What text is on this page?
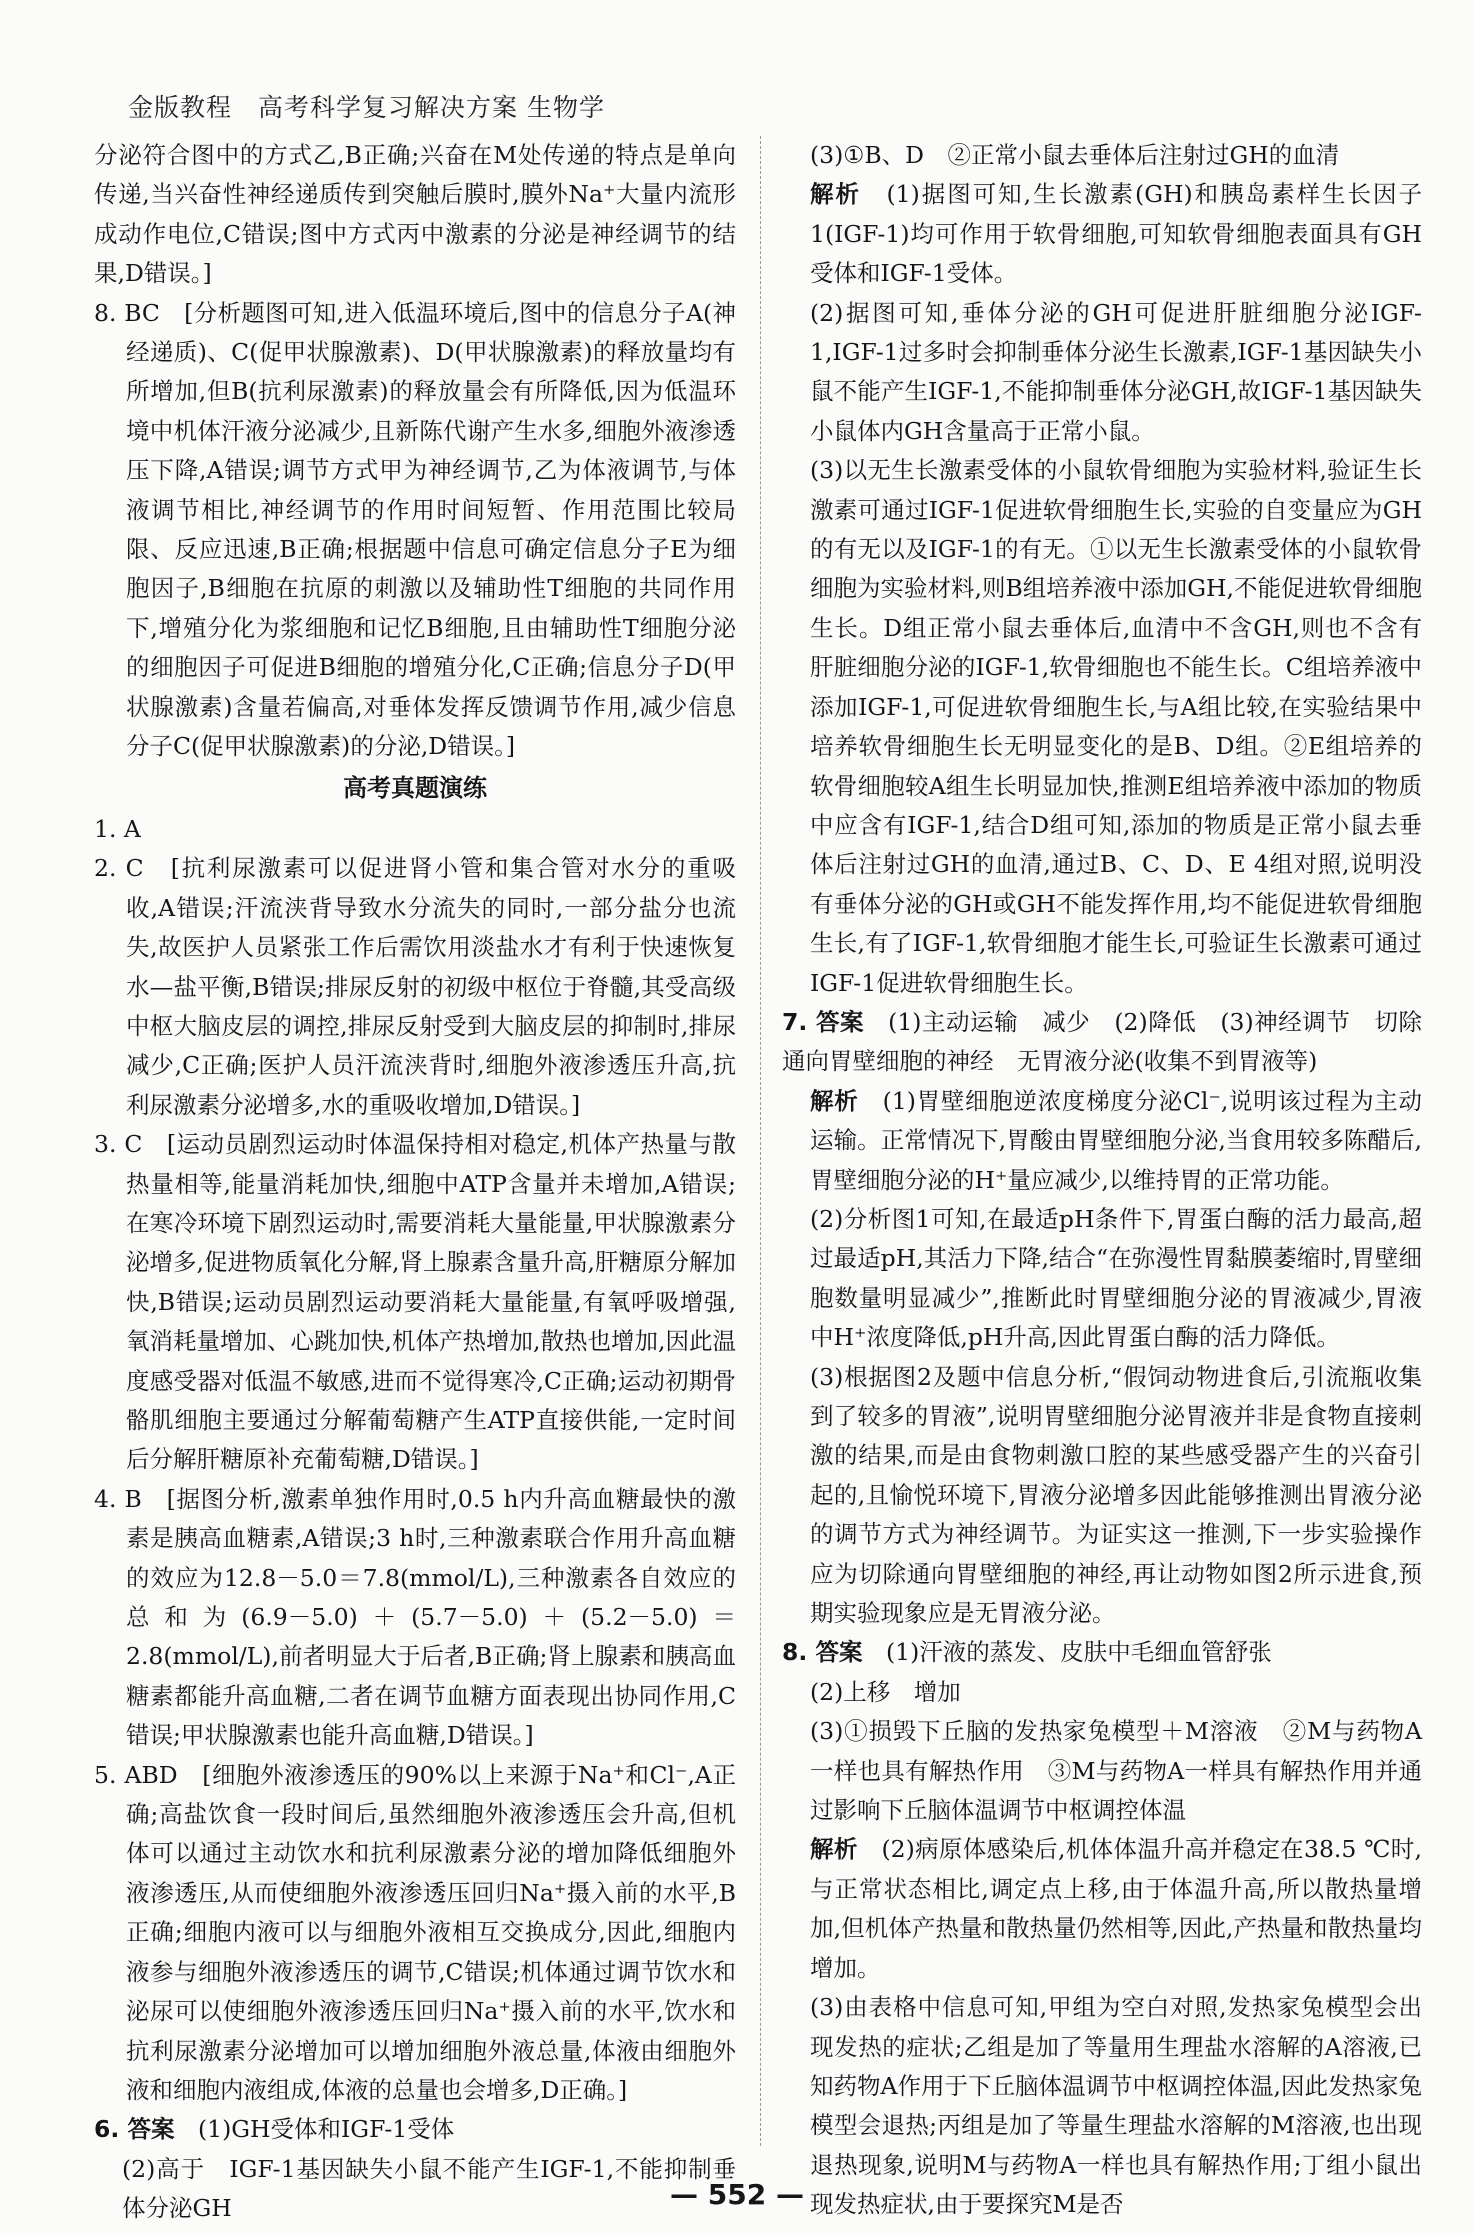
金版教程　高考科学复习解决方案 生物学

分泌符合图中的方式乙,B正确;兴奋在M处传递的特点是单向传递,当兴奋性神经递质传到突触后膜时,膜外Na⁺大量内流形成动作电位,C错误;图中方式丙中激素的分泌是神经调节的结果,D错误。]

8. BC　[分析题图可知,进入低温环境后,图中的信息分子A(神经递质)、C(促甲状腺激素)、D(甲状腺激素)的释放量均有所增加,但B(抗利尿激素)的释放量会有所降低,因为低温环境中机体汗液分泌减少,且新陈代谢产生水多,细胞外液渗透压下降,A错误;调节方式甲为神经调节,乙为体液调节,与体液调节相比,神经调节的作用时间短暂、作用范围比较局限、反应迅速,B正确;根据题中信息可确定信息分子E为细胞因子,B细胞在抗原的刺激以及辅助性T细胞的共同作用下,增殖分化为浆细胞和记忆B细胞,且由辅助性T细胞分泌的细胞因子可促进B细胞的增殖分化,C正确;信息分子D(甲状腺激素)含量若偏高,对垂体发挥反馈调节作用,减少信息分子C(促甲状腺激素)的分泌,D错误。]

高考真题演练

1. A

2. C　[抗利尿激素可以促进肾小管和集合管对水分的重吸收,A错误;汗流浃背导致水分流失的同时,一部分盐分也流失,故医护人员紧张工作后需饮用淡盐水才有利于快速恢复水—盐平衡,B错误;排尿反射的初级中枢位于脊髓,其受高级中枢大脑皮层的调控,排尿反射受到大脑皮层的抑制时,排尿减少,C正确;医护人员汗流浃背时,细胞外液渗透压升高,抗利尿激素分泌增多,水的重吸收增加,D错误。]

3. C　[运动员剧烈运动时体温保持相对稳定,机体产热量与散热量相等,能量消耗加快,细胞中ATP含量并未增加,A错误;在寒冷环境下剧烈运动时,需要消耗大量能量,甲状腺激素分泌增多,促进物质氧化分解,肾上腺素含量升高,肝糖原分解加快,B错误;运动员剧烈运动要消耗大量能量,有氧呼吸增强,氧消耗量增加、心跳加快,机体产热增加,散热也增加,因此温度感受器对低温不敏感,进而不觉得寒冷,C正确;运动初期骨骼肌细胞主要通过分解葡萄糖产生ATP直接供能,一定时间后分解肝糖原补充葡萄糖,D错误。]

4. B　[据图分析,激素单独作用时,0.5 h内升高血糖最快的激素是胰高血糖素,A错误;3 h时,三种激素联合作用升高血糖的效应为12.8－5.0＝7.8(mmol/L),三种激素各自效应的总和为(6.9－5.0)＋(5.7－5.0)＋(5.2－5.0)＝2.8(mmol/L),前者明显大于后者,B正确;肾上腺素和胰高血糖素都能升高血糖,二者在调节血糖方面表现出协同作用,C错误;甲状腺激素也能升高血糖,D错误。]

5. ABD　[细胞外液渗透压的90%以上来源于Na⁺和Cl⁻,A正确;高盐饮食一段时间后,虽然细胞外液渗透压会升高,但机体可以通过主动饮水和抗利尿激素分泌的增加降低细胞外液渗透压,从而使细胞外液渗透压回归Na⁺摄入前的水平,B正确;细胞内液可以与细胞外液相互交换成分,因此,细胞内液参与细胞外液渗透压的调节,C错误;机体通过调节饮水和泌尿可以使细胞外液渗透压回归Na⁺摄入前的水平,饮水和抗利尿激素分泌增加可以增加细胞外液总量,体液由细胞外液和细胞内液组成,体液的总量也会增多,D正确。]

6. 答案　 (1)GH受体和IGF-1受体

(2)高于　IGF-1基因缺失小鼠不能产生IGF-1,不能抑制垂体分泌GH

(3)①B、D　②正常小鼠去垂体后注射过GH的血清

解析　 (1)据图可知,生长激素(GH)和胰岛素样生长因子1(IGF-1)均可作用于软骨细胞,可知软骨细胞表面具有GH受体和IGF-1受体。

(2)据图可知,垂体分泌的GH可促进肝脏细胞分泌IGF-1,IGF-1过多时会抑制垂体分泌生长激素,IGF-1基因缺失小鼠不能产生IGF-1,不能抑制垂体分泌GH,故IGF-1基因缺失小鼠体内GH含量高于正常小鼠。

(3)以无生长激素受体的小鼠软骨细胞为实验材料,验证生长激素可通过IGF-1促进软骨细胞生长,实验的自变量应为GH的有无以及IGF-1的有无。①以无生长激素受体的小鼠软骨细胞为实验材料,则B组培养液中添加GH,不能促进软骨细胞生长。D组正常小鼠去垂体后,血清中不含GH,则也不含有肝脏细胞分泌的IGF-1,软骨细胞也不能生长。C组培养液中添加IGF-1,可促进软骨细胞生长,与A组比较,在实验结果中培养软骨细胞生长无明显变化的是B、D组。②E组培养的软骨细胞较A组生长明显加快,推测E组培养液中添加的物质中应含有IGF-1,结合D组可知,添加的物质是正常小鼠去垂体后注射过GH的血清,通过B、C、D、E 4组对照,说明没有垂体分泌的GH或GH不能发挥作用,均不能促进软骨细胞生长,有了IGF-1,软骨细胞才能生长,可验证生长激素可通过IGF-1促进软骨细胞生长。

7. 答案　 (1)主动运输　减少　(2)降低　(3)神经调节　切除通向胃壁细胞的神经　无胃液分泌(收集不到胃液等)

解析　 (1)胃壁细胞逆浓度梯度分泌Cl⁻,说明该过程为主动运输。正常情况下,胃酸由胃壁细胞分泌,当食用较多陈醋后,胃壁细胞分泌的H⁺量应减少,以维持胃的正常功能。

(2)分析图1可知,在最适pH条件下,胃蛋白酶的活力最高,超过最适pH,其活力下降,结合“在弥漫性胃黏膜萎缩时,胃壁细胞数量明显减少”,推断此时胃壁细胞分泌的胃液减少,胃液中H⁺浓度降低,pH升高,因此胃蛋白酶的活力降低。

(3)根据图2及题中信息分析,“假饲动物进食后,引流瓶收集到了较多的胃液”,说明胃壁细胞分泌胃液并非是食物直接刺激的结果,而是由食物刺激口腔的某些感受器产生的兴奋引起的,且愉悦环境下,胃液分泌增多因此能够推测出胃液分泌的调节方式为神经调节。为证实这一推测,下一步实验操作应为切除通向胃壁细胞的神经,再让动物如图2所示进食,预期实验现象应是无胃液分泌。

8. 答案　 (1)汗液的蒸发、皮肤中毛细血管舒张

(2)上移　增加

(3)①损毁下丘脑的发热家兔模型＋M溶液　②M与药物A一样也具有解热作用　③M与药物A一样具有解热作用并通过影响下丘脑体温调节中枢调控体温

解析　 (2)病原体感染后,机体体温升高并稳定在38.5 ℃时,与正常状态相比,调定点上移,由于体温升高,所以散热量增加,但机体产热量和散热量仍然相等,因此,产热量和散热量均增加。

(3)由表格中信息可知,甲组为空白对照,发热家兔模型会出现发热的症状;乙组是加了等量用生理盐水溶解的A溶液,已知药物A作用于下丘脑体温调节中枢调控体温,因此发热家兔模型会退热;丙组是加了等量生理盐水溶解的M溶液,也出现退热现象,说明M与药物A一样也具有解热作用;丁组小鼠出现发热症状,由于要探究M是否

— 552 —
